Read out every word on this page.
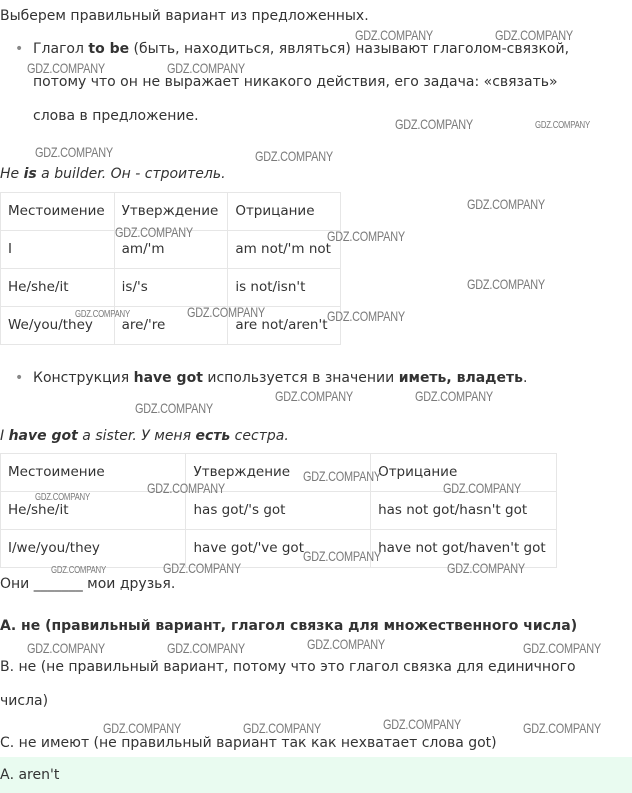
Выберем правильный вариант из предложенных.
• Глагол to be (быть, находиться, являться) называют глаголом-связкой,
потому что он не выражает никакого действия, его задача: «связать»
слова в предложение.
He is a builder. Он - строитель.
Местоимение	Утверждение	Отрицание
I	am/'m	am not/'m not
He/she/it	is/'s	is not/isn't
We/you/they	are/'re	are not/aren't
• Конструкция have got используется в значении иметь, владеть.
I have got a sister. У меня есть сестра.
Местоимение	Утверждение	Отрицание
He/she/it	has got/'s got	has not got/hasn't got
I/we/you/they	have got/'ve got	have not got/haven't got
Они _______ мои друзья.
А. не (правильный вариант, глагол связка для множественного числа)
В. не (не правильный вариант, потому что это глагол связка для единичного
числа)
С. не имеют (не правильный вариант так как нехватает слова got)
А. aren't
GDZ.COMPANY	GDZ.COMPANY
GDZ.COMPANY	GDZ.COMPANY
GDZ.COMPANY	GDZ.COMPANY
GDZ.COMPANY	GDZ.COMPANY
GDZ.COMPANY
GDZ.COMPANY	GDZ.COMPANY
GDZ.COMPANY
GDZ.COMPANY	GDZ.COMPANY	GDZ.COMPANY
GDZ.COMPANY	GDZ.COMPANY
GDZ.COMPANY
GDZ.COMPANY
GDZ.COMPANY	GDZ.COMPANY
GDZ.COMPANY
GDZ.COMPANY
GDZ.COMPANY	GDZ.COMPANY	GDZ.COMPANY
GDZ.COMPANY
GDZ.COMPANY	GDZ.COMPANY	GDZ.COMPANY
GDZ.COMPANY
GDZ.COMPANY	GDZ.COMPANY	GDZ.COMPANY
